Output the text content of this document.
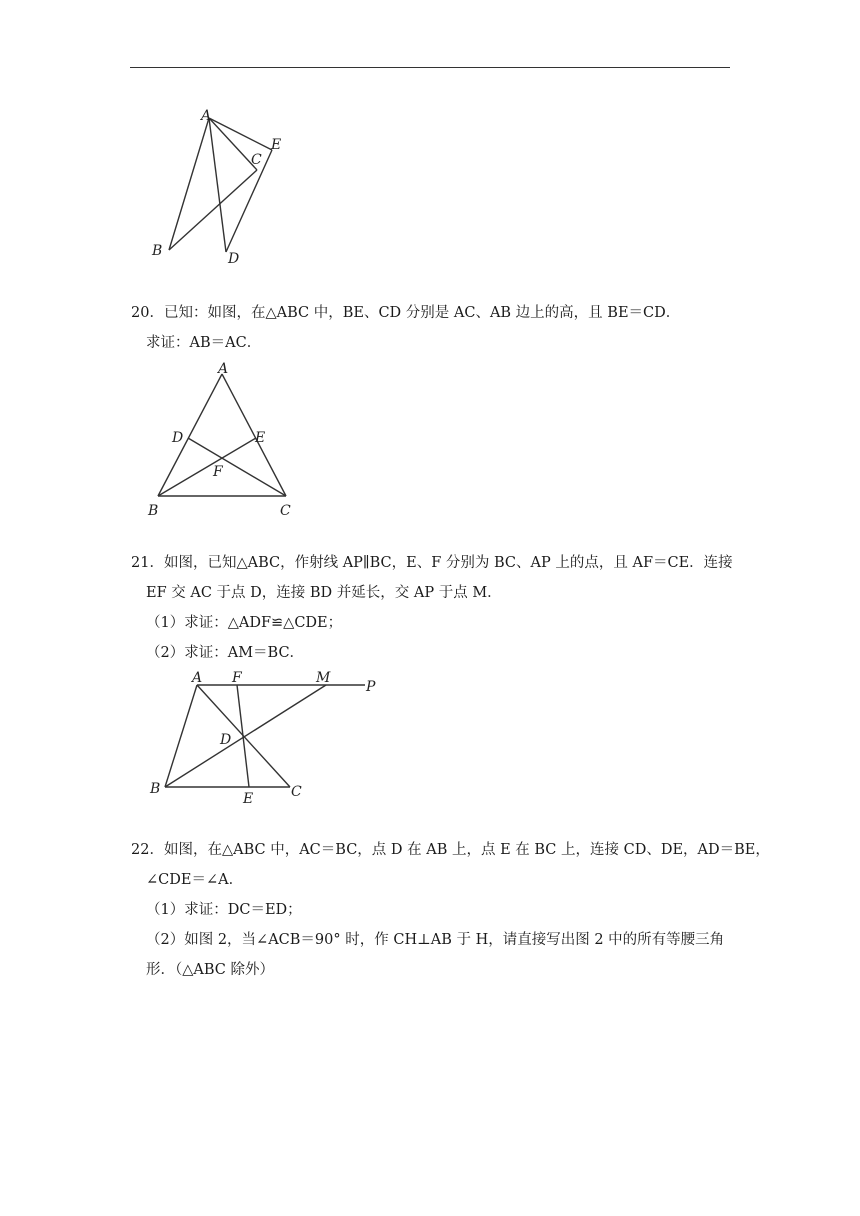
A
B
C
D
E
20．已知：如图，在△ABC 中，BE、CD 分别是 AC、AB 边上的高，且 BE＝CD．
求证：AB＝AC．
A
B	C
D	E
F
21．如图，已知△ABC，作射线 AP∥BC，E、F 分别为 BC、AP 上的点，且 AF＝CE．连接
EF 交 AC 于点 D，连接 BD 并延长，交 AP 于点 M．
（1）求证：△ADF≌△CDE；
（2）求证：AM＝BC．
A F	M
P
D
B
E	C
22．如图，在△ABC 中，AC＝BC，点 D 在 AB 上，点 E 在 BC 上，连接 CD、DE，AD＝BE，
∠CDE＝∠A．
（1）求证：DC＝ED；
（2）如图 2，当∠ACB＝90° 时，作 CH⊥AB 于 H，请直接写出图 2 中的所有等腰三角
形．（△ABC 除外）
